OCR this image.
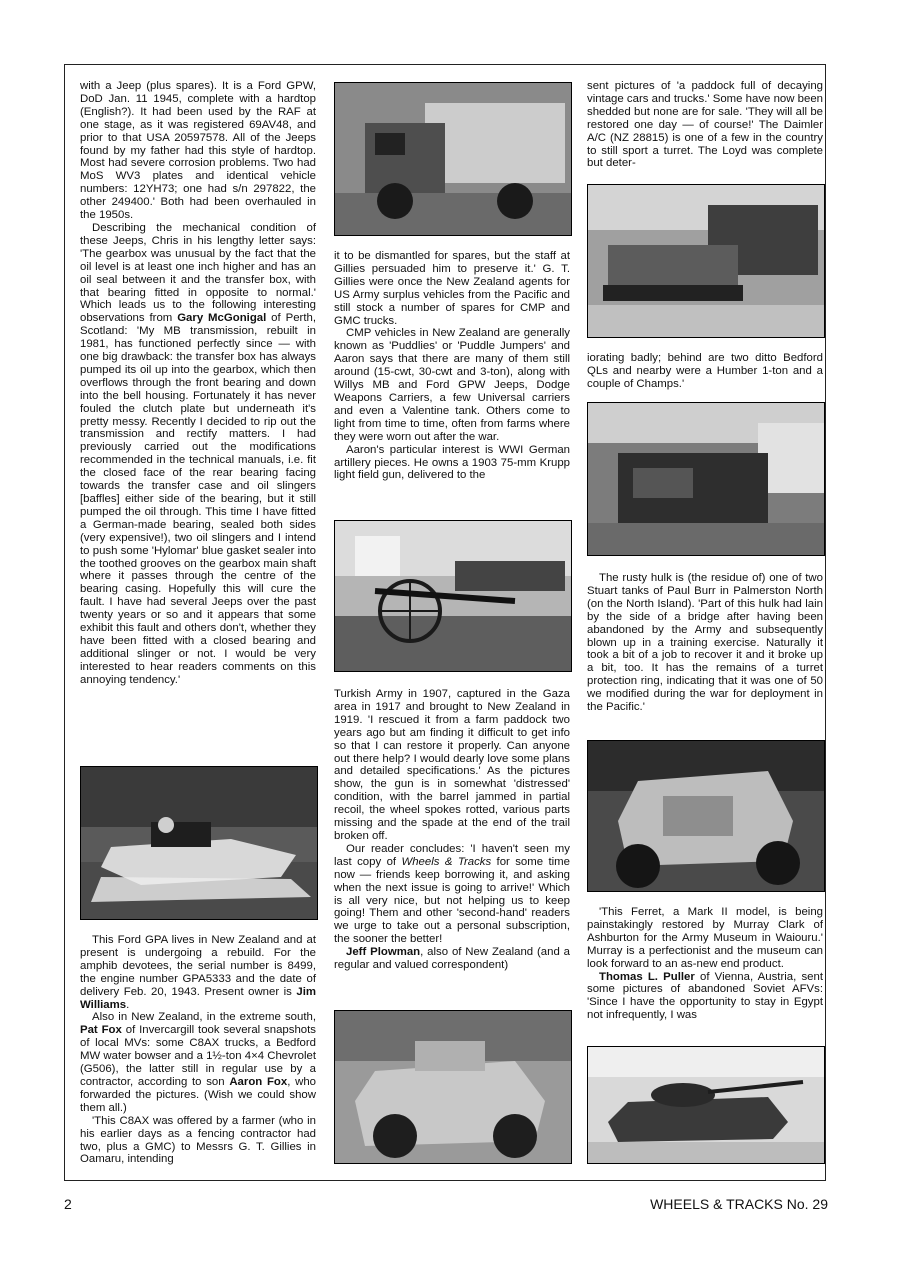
with a Jeep (plus spares). It is a Ford GPW, DoD Jan. 11 1945, complete with a hardtop (English?). It had been used by the RAF at one stage, as it was registered 69AV48, and prior to that USA 20597578. All of the Jeeps found by my father had this style of hardtop. Most had severe corrosion problems. Two had MoS WV3 plates and identical vehicle numbers: 12YH73; one had s/n 297822, the other 249400.' Both had been overhauled in the 1950s.

Describing the mechanical condition of these Jeeps, Chris in his lengthy letter says: 'The gearbox was unusual by the fact that the oil level is at least one inch higher and has an oil seal between it and the transfer box, with that bearing fitted in opposite to normal.' Which leads us to the following interesting observations from Gary McGonigal of Perth, Scotland: 'My MB transmission, rebuilt in 1981, has functioned perfectly since — with one big drawback: the transfer box has always pumped its oil up into the gearbox, which then overflows through the front bearing and down into the bell housing. Fortunately it has never fouled the clutch plate but underneath it's pretty messy. Recently I decided to rip out the transmission and rectify matters. I had previously carried out the modifications recommended in the technical manuals, i.e. fit the closed face of the rear bearing facing towards the transfer case and oil slingers [baffles] either side of the bearing, but it still pumped the oil through. This time I have fitted a German-made bearing, sealed both sides (very expensive!), two oil slingers and I intend to push some 'Hylomar' blue gasket sealer into the toothed grooves on the gearbox main shaft where it passes through the centre of the bearing casing. Hopefully this will cure the fault. I have had several Jeeps over the past twenty years or so and it appears that some exhibit this fault and others don't, whether they have been fitted with a closed bearing and additional slinger or not. I would be very interested to hear readers comments on this annoying tendency.'

This Ford GPA lives in New Zealand and at present is undergoing a rebuild. For the amphib devotees, the serial number is 8499, the engine number GPA5333 and the date of delivery Feb. 20, 1943. Present owner is Jim Williams.

Also in New Zealand, in the extreme south, Pat Fox of Invercargill took several snapshots of local MVs: some C8AX trucks, a Bedford MW water bowser and a 1½-ton 4×4 Chevrolet (G506), the latter still in regular use by a contractor, according to son Aaron Fox, who forwarded the pictures. (Wish we could show them all.)

'This C8AX was offered by a farmer (who in his earlier days as a fencing contractor had two, plus a GMC) to Messrs G. T. Gillies in Oamaru, intending

it to be dismantled for spares, but the staff at Gillies persuaded him to preserve it.' G. T. Gillies were once the New Zealand agents for US Army surplus vehicles from the Pacific and still stock a number of spares for CMP and GMC trucks.

CMP vehicles in New Zealand are generally known as 'Puddlies' or 'Puddle Jumpers' and Aaron says that there are many of them still around (15-cwt, 30-cwt and 3-ton), along with Willys MB and Ford GPW Jeeps, Dodge Weapons Carriers, a few Universal carriers and even a Valentine tank. Others come to light from time to time, often from farms where they were worn out after the war.

Aaron's particular interest is WWI German artillery pieces. He owns a 1903 75-mm Krupp light field gun, delivered to the

Turkish Army in 1907, captured in the Gaza area in 1917 and brought to New Zealand in 1919. 'I rescued it from a farm paddock two years ago but am finding it difficult to get info so that I can restore it properly. Can anyone out there help? I would dearly love some plans and detailed specifications.' As the pictures show, the gun is in somewhat 'distressed' condition, with the barrel jammed in partial recoil, the wheel spokes rotted, various parts missing and the spade at the end of the trail broken off.

Our reader concludes: 'I haven't seen my last copy of Wheels & Tracks for some time now — friends keep borrowing it, and asking when the next issue is going to arrive!' Which is all very nice, but not helping us to keep going! Them and other 'second-hand' readers we urge to take out a personal subscription, the sooner the better!

Jeff Plowman, also of New Zealand (and a regular and valued correspondent)

sent pictures of 'a paddock full of decaying vintage cars and trucks.' Some have now been shedded but none are for sale. 'They will all be restored one day — of course!' The Daimler A/C (NZ 28815) is one of a few in the country to still sport a turret. The Loyd was complete but deter-

iorating badly; behind are two ditto Bedford QLs and nearby were a Humber 1-ton and a couple of Champs.'

The rusty hulk is (the residue of) one of two Stuart tanks of Paul Burr in Palmerston North (on the North Island). 'Part of this hulk had lain by the side of a bridge after having been abandoned by the Army and subsequently blown up in a training exercise. Naturally it took a bit of a job to recover it and it broke up a bit, too. It has the remains of a turret protection ring, indicating that it was one of 50 we modified during the war for deployment in the Pacific.'

'This Ferret, a Mark II model, is being painstakingly restored by Murray Clark of Ashburton for the Army Museum in Waiouru.' Murray is a perfectionist and the museum can look forward to an as-new end product.

Thomas L. Puller of Vienna, Austria, sent some pictures of abandoned Soviet AFVs: 'Since I have the opportunity to stay in Egypt not infrequently, I was

2	WHEELS & TRACKS No. 29
